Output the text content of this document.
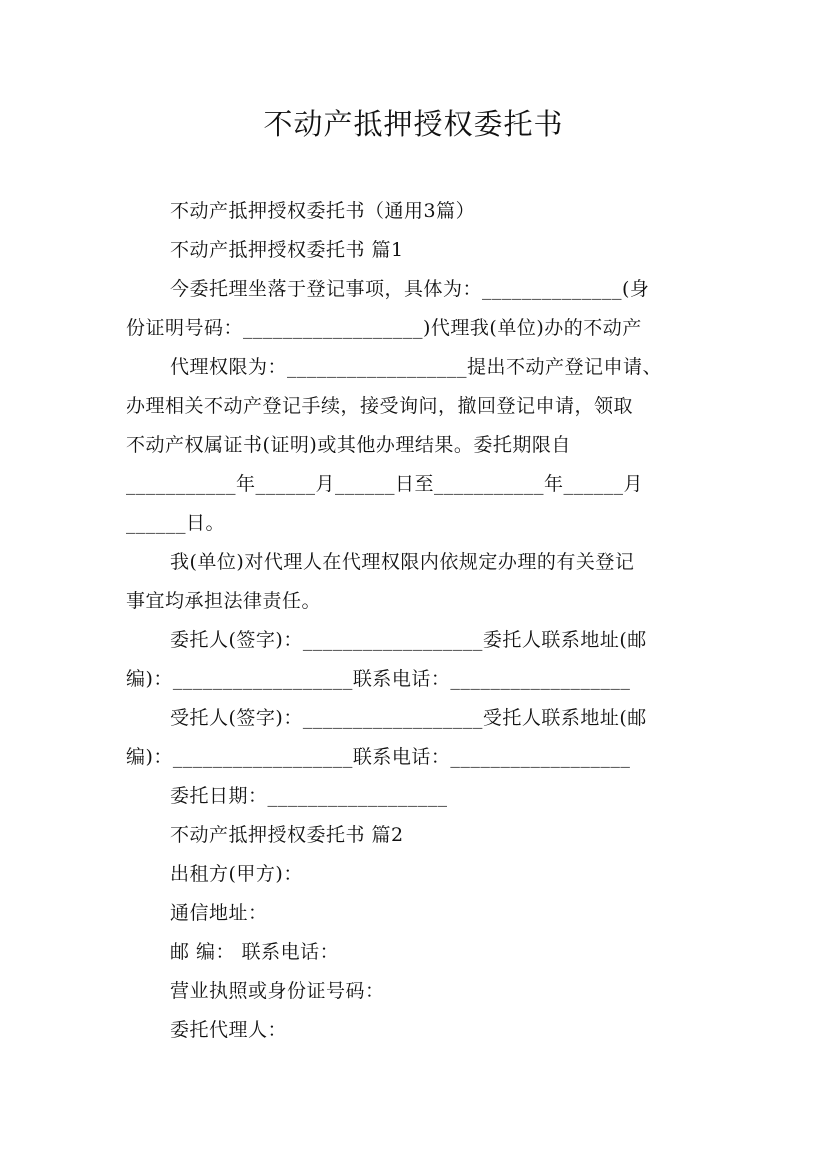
不动产抵押授权委托书
不动产抵押授权委托书（通用3篇）
不动产抵押授权委托书 篇1
今委托理坐落于登记事项，具体为：______________(身
份证明号码：__________________)代理我(单位)办的不动产
代理权限为：__________________提出不动产登记申请、
办理相关不动产登记手续，接受询问，撤回登记申请，领取
不动产权属证书(证明)或其他办理结果。委托期限自
___________年______月______日至___________年______月
______日。
我(单位)对代理人在代理权限内依规定办理的有关登记
事宜均承担法律责任。
委托人(签字)：__________________委托人联系地址(邮
编)：__________________联系电话：__________________
受托人(签字)：__________________受托人联系地址(邮
编)：__________________联系电话：__________________
委托日期：__________________
不动产抵押授权委托书 篇2
出租方(甲方)：
通信地址：
邮 编： 联系电话：
营业执照或身份证号码：
委托代理人：
